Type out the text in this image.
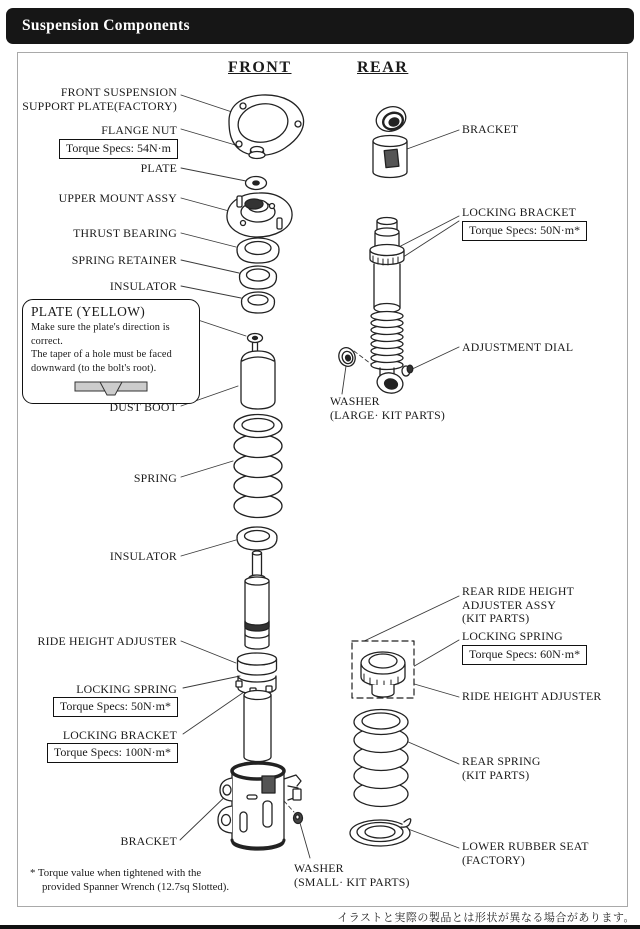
Suspension Components
FRONT	REAR
FRONT SUSPENSION
SUPPORT PLATE(FACTORY)
FLANGE NUT
Torque Specs: 54N·m
PLATE
UPPER MOUNT ASSY
THRUST BEARING
SPRING RETAINER
INSULATOR
PLATE (YELLOW)
Make sure the plate's direction is correct.
The taper of a hole must be faced downward (to the bolt's root).
DUST BOOT
SPRING
INSULATOR
RIDE HEIGHT ADJUSTER
LOCKING SPRING
Torque Specs: 50N·m*
LOCKING BRACKET
Torque Specs: 100N·m*
BRACKET
WASHER
(SMALL· KIT PARTS)
BRACKET
LOCKING BRACKET
Torque Specs: 50N·m*
ADJUSTMENT DIAL
WASHER
(LARGE· KIT PARTS)
REAR RIDE HEIGHT
ADJUSTER ASSY
(KIT PARTS)
LOCKING SPRING
Torque Specs: 60N·m*
RIDE HEIGHT ADJUSTER
REAR SPRING
(KIT PARTS)
LOWER RUBBER SEAT
(FACTORY)
* Torque value when tightened with the
provided Spanner Wrench (12.7sq Slotted).
イラストと実際の製品とは形状が異なる場合があります。
